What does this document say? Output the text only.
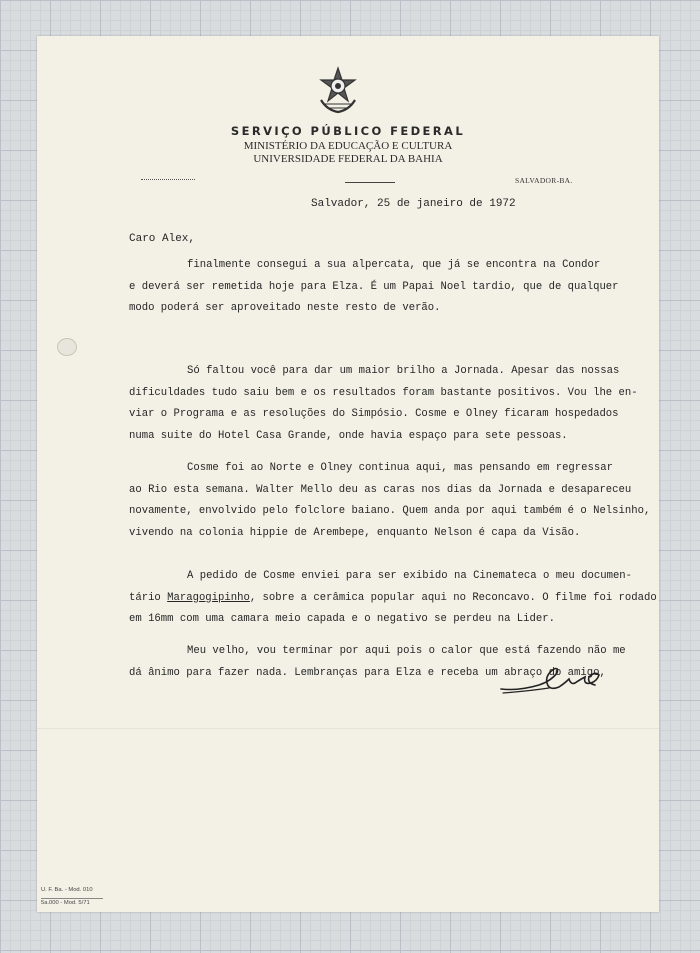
SERVIÇO PÚBLICO FEDERAL
MINISTÉRIO DA EDUCAÇÃO E CULTURA
UNIVERSIDADE FEDERAL DA BAHIA
SALVADOR-BA.
Salvador, 25 de janeiro de 1972
Caro Alex,
finalmente consegui a sua alpercata, que já se encontra na Condor
e deverá ser remetida hoje para Elza. É um Papai Noel tardio, que de qualquer
modo poderá ser aproveitado neste resto de verão.
Só faltou você para dar um maior brilho a Jornada. Apesar das nossas
dificuldades tudo saiu bem e os resultados foram bastante positivos. Vou lhe en-
viar o Programa e as resoluções do Simpósio. Cosme e Olney ficaram hospedados
numa suite do Hotel Casa Grande, onde havia espaço para sete pessoas.
Cosme foi ao Norte e Olney continua aqui, mas pensando em regressar
ao Rio esta semana. Walter Mello deu as caras nos dias da Jornada e desapareceu
novamente, envolvido pelo folclore baiano. Quem anda por aqui também é o Nelsinho,
vivendo na colonia hippie de Arembepe, enquanto Nelson é capa da Visão.
A pedido de Cosme enviei para ser exibido na Cinemateca o meu documen-
tário Maragogipinho, sobre a cerâmica popular aqui no Reconcavo. O filme foi rodado
em 16mm com uma camara meio capada e o negativo se perdeu na Lider.
Meu velho, vou terminar por aqui pois o calor que está fazendo não me
dá ânimo para fazer nada. Lembranças para Elza e receba um abraço do amigo,
U. F. Ba. - Mod. 010
5a.000 - Mod. 5/71
